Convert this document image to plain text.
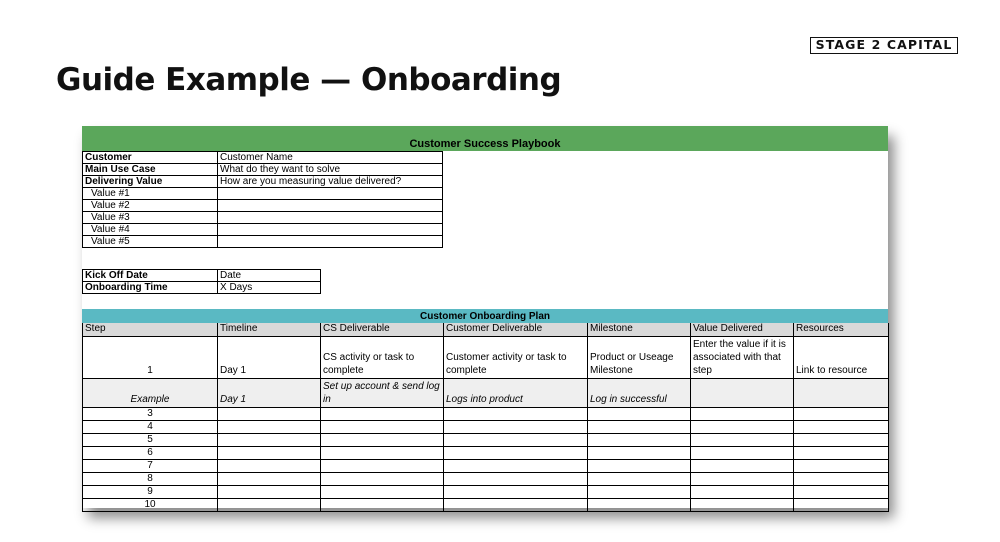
STAGE 2 CAPITAL
Guide Example — Onboarding
Customer Success Playbook
Customer	Customer Name
Main Use Case	What do they want to solve
Delivering Value	How are you measuring value delivered?
Value #1	
Value #2	
Value #3	
Value #4	
Value #5	
Kick Off Date	Date
Onboarding Time	X Days
Customer Onboarding Plan
Step	Timeline	CS Deliverable	Customer Deliverable	Milestone	Value Delivered	Resources
1	Day 1	CS activity or task to complete	Customer activity or task to complete	Product or Useage Milestone	Enter the value if it is associated with that step	Link to resource
Example	Day 1	Set up account & send log in	Logs into product	Log in successful		
3						
4						
5						
6						
7						
8						
9						
10						
